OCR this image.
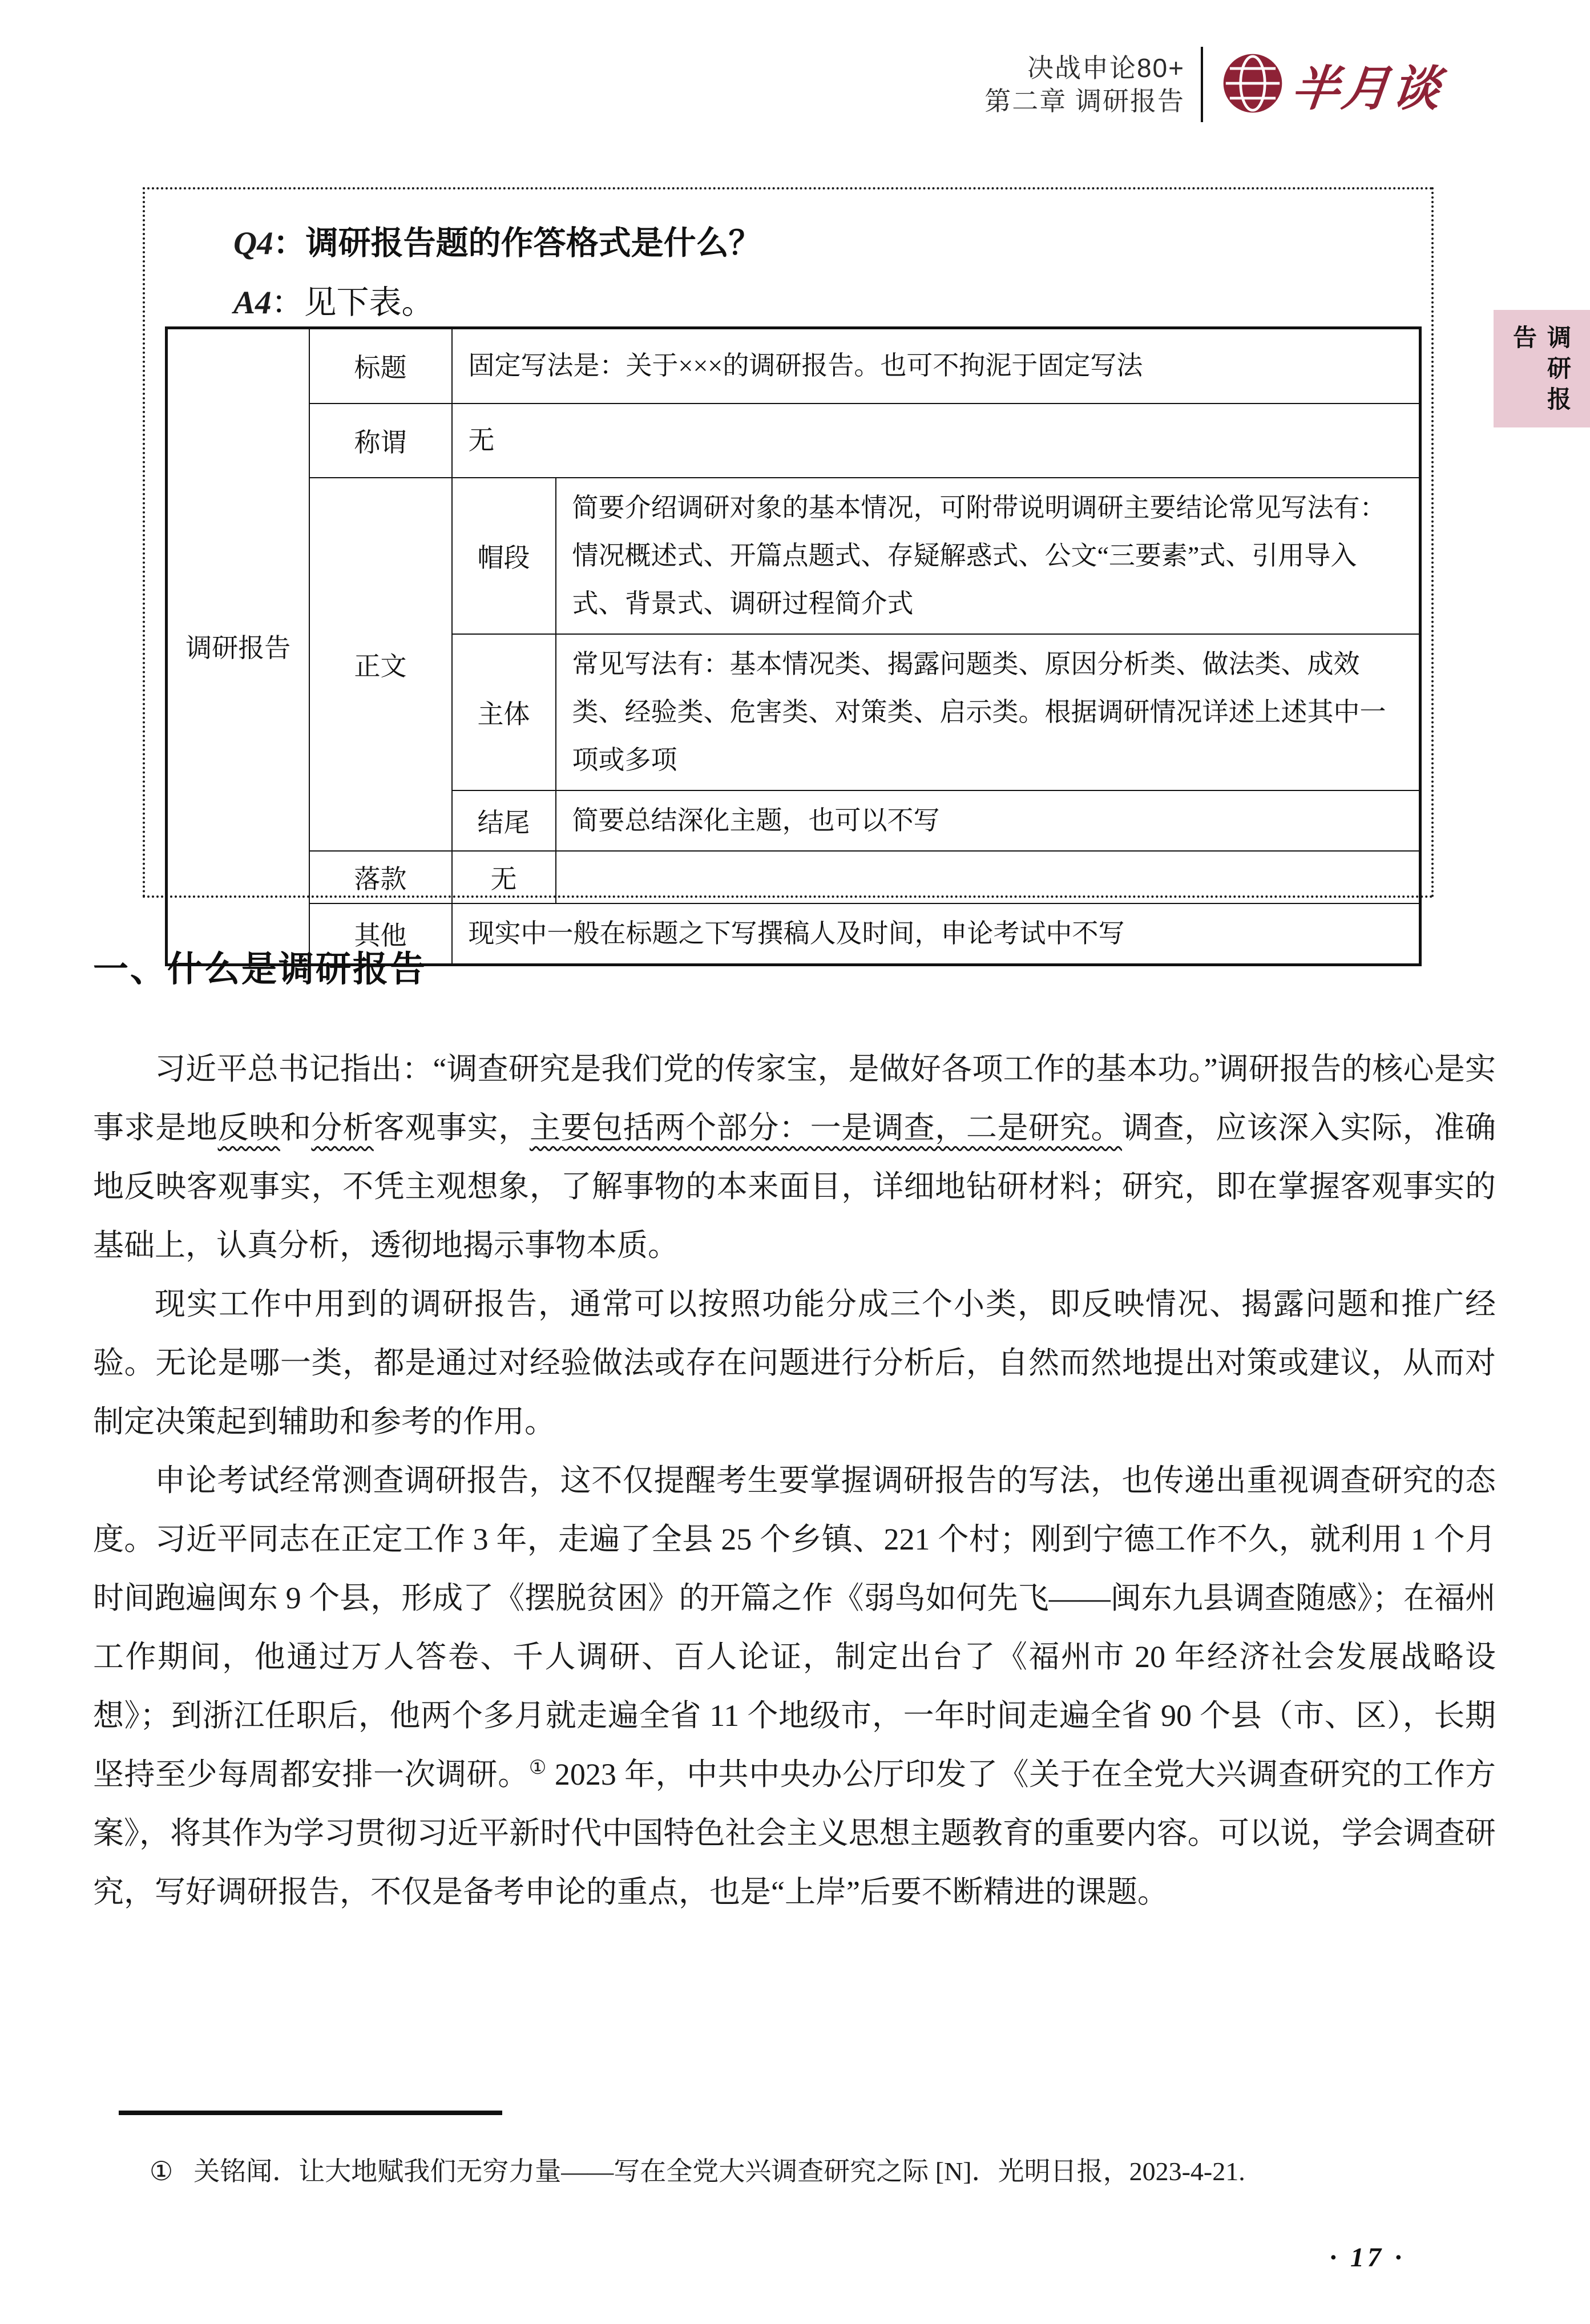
决战申论80+
第二章 调研报告 半月谈
调研报告
Q4：调研报告题的作答格式是什么？
A4：见下表。
调研报告	标题	固定写法是：关于×××的调研报告。也可不拘泥于固定写法	
	称谓	无	
	正文	帽段	简要介绍调研对象的基本情况，可附带说明调研主要结论常见写法有：情况概述式、开篇点题式、存疑解惑式、公文“三要素”式、引用导入式、背景式、调研过程简介式
		主体	常见写法有：基本情况类、揭露问题类、原因分析类、做法类、成效类、经验类、危害类、对策类、启示类。根据调研情况详述上述其中一项或多项
		结尾	简要总结深化主题，也可以不写
	落款	无	
	其他	现实中一般在标题之下写撰稿人及时间，申论考试中不写	
一、什么是调研报告

习近平总书记指出：“调查研究是我们党的传家宝，是做好各项工作的基本功。”调研报告的核心是实事求是地反映和分析客观事实，主要包括两个部分：一是调查，二是研究。调查，应该深入实际，准确地反映客观事实，不凭主观想象，了解事物的本来面目，详细地钻研材料；研究，即在掌握客观事实的基础上，认真分析，透彻地揭示事物本质。

现实工作中用到的调研报告，通常可以按照功能分成三个小类，即反映情况、揭露问题和推广经验。无论是哪一类，都是通过对经验做法或存在问题进行分析后，自然而然地提出对策或建议，从而对制定决策起到辅助和参考的作用。

申论考试经常测查调研报告，这不仅提醒考生要掌握调研报告的写法，也传递出重视调查研究的态度。习近平同志在正定工作 3 年，走遍了全县 25 个乡镇、221 个村；刚到宁德工作不久，就利用 1 个月时间跑遍闽东 9 个县，形成了《摆脱贫困》的开篇之作《弱鸟如何先飞——闽东九县调查随感》；在福州工作期间，他通过万人答卷、千人调研、百人论证，制定出台了《福州市 20 年经济社会发展战略设想》；到浙江任职后，他两个多月就走遍全省 11 个地级市，一年时间走遍全省 90 个县（市、区），长期坚持至少每周都安排一次调研。① 2023 年，中共中央办公厅印发了《关于在全党大兴调查研究的工作方案》，将其作为学习贯彻习近平新时代中国特色社会主义思想主题教育的重要内容。可以说，学会调查研究，写好调研报告，不仅是备考申论的重点，也是“上岸”后要不断精进的课题。

① 关铭闻．让大地赋我们无穷力量——写在全党大兴调查研究之际 [N]．光明日报，2023-4-21.
· 17 ·
